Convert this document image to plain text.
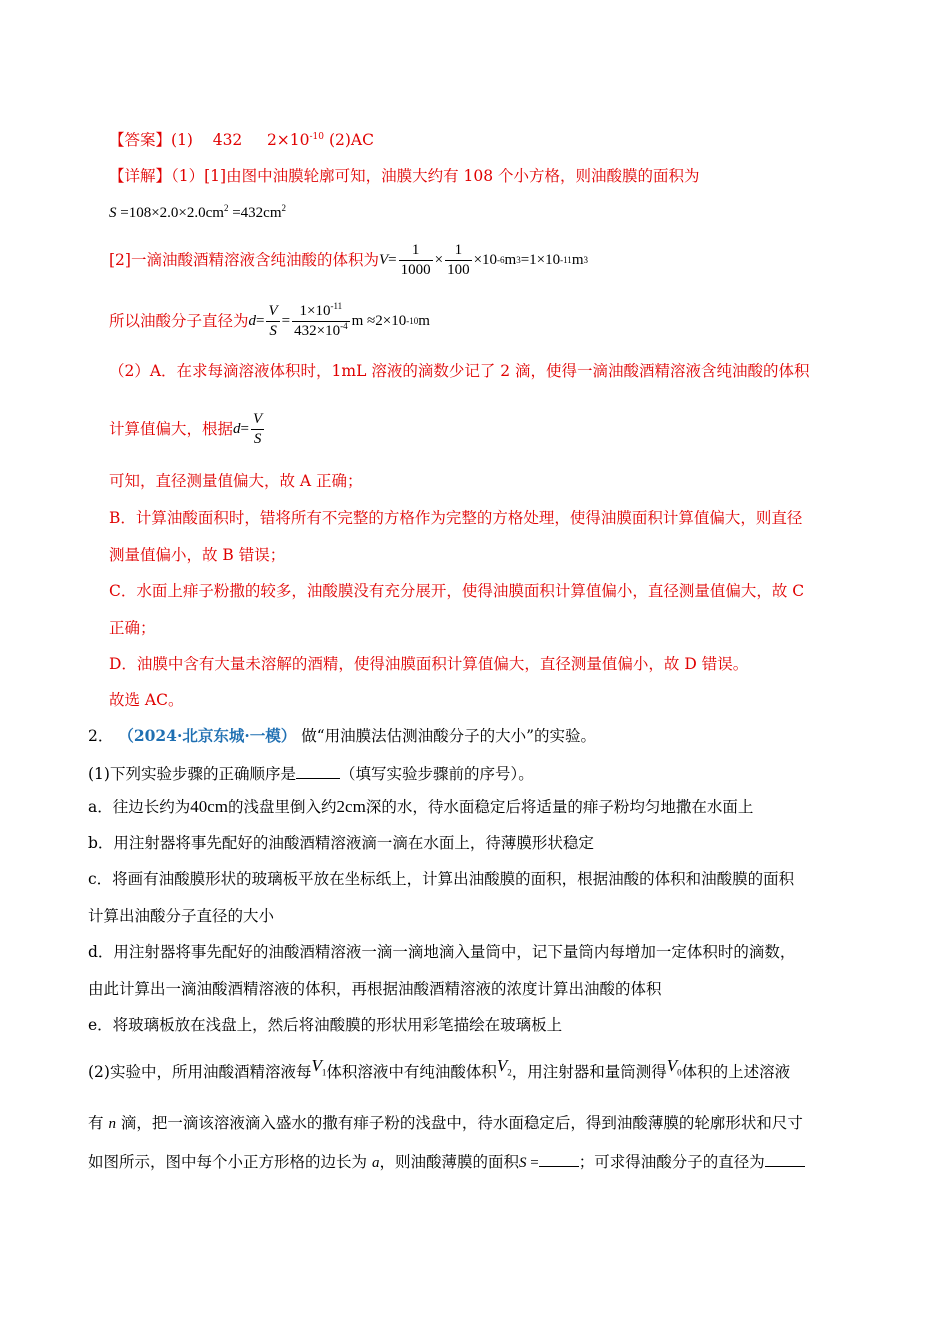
【答案】(1) 432 $2\times 10^{-10}$ (2)AC
【详解】（1）[1]由图中油膜轮廓可知，油膜大约有 108 个小方格，则油酸膜的面积为
$S =108\times 2.0\times 2.0cm^2 =432cm^2$
[2]一滴油酸酒精溶液含纯油酸的体积为 $V = \frac{1}{1000} \times \frac{1}{100} \times 10$ -6 m 3 =1×10 -11 m 3
所以油酸分子直径为 $d = \frac{V}{S} = \frac{1\times 10^{-11}}{432\times 10^{-4}}$ m ≈2×10 -10 m
（2）A．在求每滴溶液体积时，1mL 溶液的滴数少记了 2 滴，使得一滴油酸酒精溶液含纯油酸的体积
计算值偏大，根据 $d = \frac{V}{S}$
可知，直径测量值偏大，故 A 正确；
B．计算油酸面积时，错将所有不完整的方格作为完整的方格处理，使得油膜面积计算值偏大，则直径
测量值偏小，故 B 错误；
C．水面上痱子粉撒的较多，油酸膜没有充分展开，使得油膜面积计算值偏小，直径测量值偏大，故 C
正确；
D．油膜中含有大量未溶解的酒精，使得油膜面积计算值偏大，直径测量值偏小，故 D 错误。
故选 AC。
2． （2024·北京东城·一模） 做“用油膜法估测油酸分子的大小”的实验。
(1)下列实验步骤的正确顺序是	（填写实验步骤前的序号）。
a．往边长约为40cm的浅盘里倒入约2cm深的水，待水面稳定后将适量的痱子粉均匀地撒在水面上
b．用注射器将事先配好的油酸酒精溶液滴一滴在水面上，待薄膜形状稳定
c．将画有油酸膜形状的玻璃板平放在坐标纸上，计算出油酸膜的面积，根据油酸的体积和油酸膜的面积
计算出油酸分子直径的大小
d．用注射器将事先配好的油酸酒精溶液一滴一滴地滴入量筒中，记下量筒内每增加一定体积时的滴数，
由此计算出一滴油酸酒精溶液的体积，再根据油酸酒精溶液的浓度计算出油酸的体积
e．将玻璃板放在浅盘上，然后将油酸膜的形状用彩笔描绘在玻璃板上
(2)实验中，所用油酸酒精溶液每$V_1$体积溶液中有纯油酸体积$V_2$，用注射器和量筒测得$V_0$体积的上述溶液
有 n 滴，把一滴该溶液滴入盛水的撒有痱子粉的浅盘中，待水面稳定后，得到油酸薄膜的轮廓形状和尺寸
如图所示，图中每个小正方形格的边长为 a，则油酸薄膜的面积S =	；可求得油酸分子的直径为
